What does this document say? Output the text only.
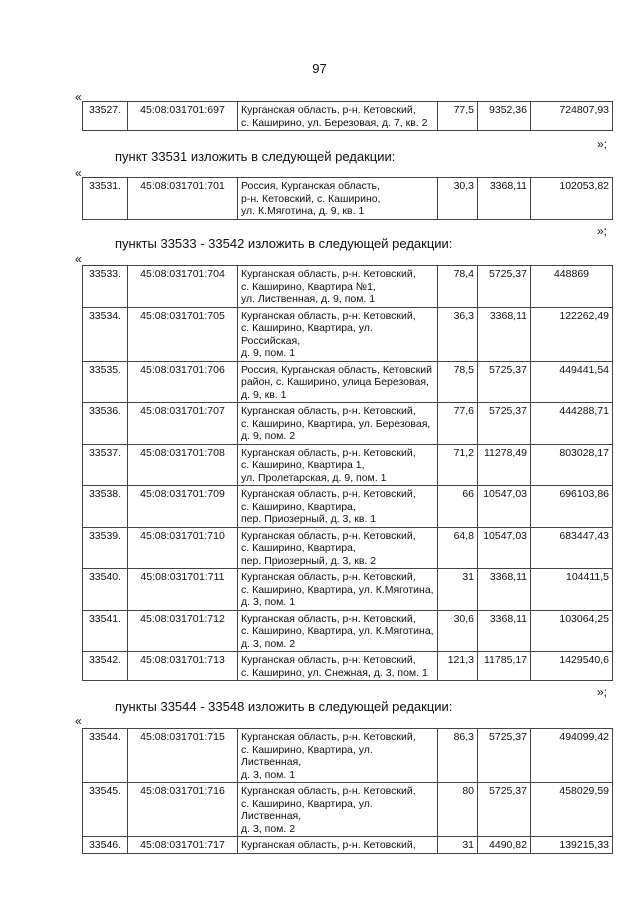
97
«
33527.	45:08:031701:697	Курганская область, р-н. Кетовский,
с. Каширино, ул. Березовая, д. 7, кв. 2
	77,5	9352,36	724807,93
»;
пункт 33531 изложить в следующей редакции:
«
33531.	45:08:031701:701	Россия, Курганская область,
р-н. Кетовский, с. Каширино,
ул. К.Мяготина, д. 9, кв. 1
	30,3	3368,11	102053,82
»;
пункты 33533 - 33542 изложить в следующей редакции:
«
33533.	45:08:031701:704	Курганская область, р-н. Кетовский,
с. Каширино, Квартира №1,
ул. Лиственная, д. 9, пом. 1	78,4	5725,37	448869
33534.	45:08:031701:705	Курганская область, р-н. Кетовский,
с. Каширино, Квартира, ул. Российская,
д. 9, пом. 1	36,3	3368,11	122262,49
33535.	45:08:031701:706	Россия, Курганская область, Кетовский
район, с. Каширино, улица Березовая,
д. 9, кв. 1	78,5	5725,37	449441,54
33536.	45:08:031701:707	Курганская область, р-н. Кетовский,
с. Каширино, Квартира, ул. Березовая,
д. 9, пом. 2	77,6	5725,37	444288,71
33537.	45:08:031701:708	Курганская область, р-н. Кетовский,
с. Каширино, Квартира 1,
ул. Пролетарская, д. 9, пом. 1	71,2	11278,49	803028,17
33538.	45:08:031701:709	Курганская область, р-н. Кетовский,
с. Каширино, Квартира,
пер. Приозерный, д. 3, кв. 1	66	10547,03	696103,86
33539.	45:08:031701:710	Курганская область, р-н. Кетовский,
с. Каширино, Квартира,
пер. Приозерный, д. 3, кв. 2	64,8	10547,03	683447,43
33540.	45:08:031701:711	Курганская область, р-н. Кетовский,
с. Каширино, Квартира, ул. К.Мяготина,
д. 3, пом. 1	31	3368,11	104411,5
33541.	45:08:031701:712	Курганская область, р-н. Кетовский,
с. Каширино, Квартира, ул. К.Мяготина,
д. 3, пом. 2	30,6	3368,11	103064,25
33542.	45:08:031701:713	Курганская область, р-н. Кетовский,
с. Каширино, ул. Снежная, д. 3, пом. 1	121,3	11785,17	1429540,6
»;
пункты 33544 - 33548 изложить в следующей редакции:
«
33544.	45:08:031701:715	Курганская область, р-н. Кетовский,
с. Каширино, Квартира, ул. Лиственная,
д. 3, пом. 1	86,3	5725,37	494099,42
33545.	45:08:031701:716	Курганская область, р-н. Кетовский,
с. Каширино, Квартира, ул. Лиственная,
д. 3, пом. 2	80	5725,37	458029,59
33546.	45:08:031701:717	Курганская область, р-н. Кетовский,	31	4490,82	139215,33
